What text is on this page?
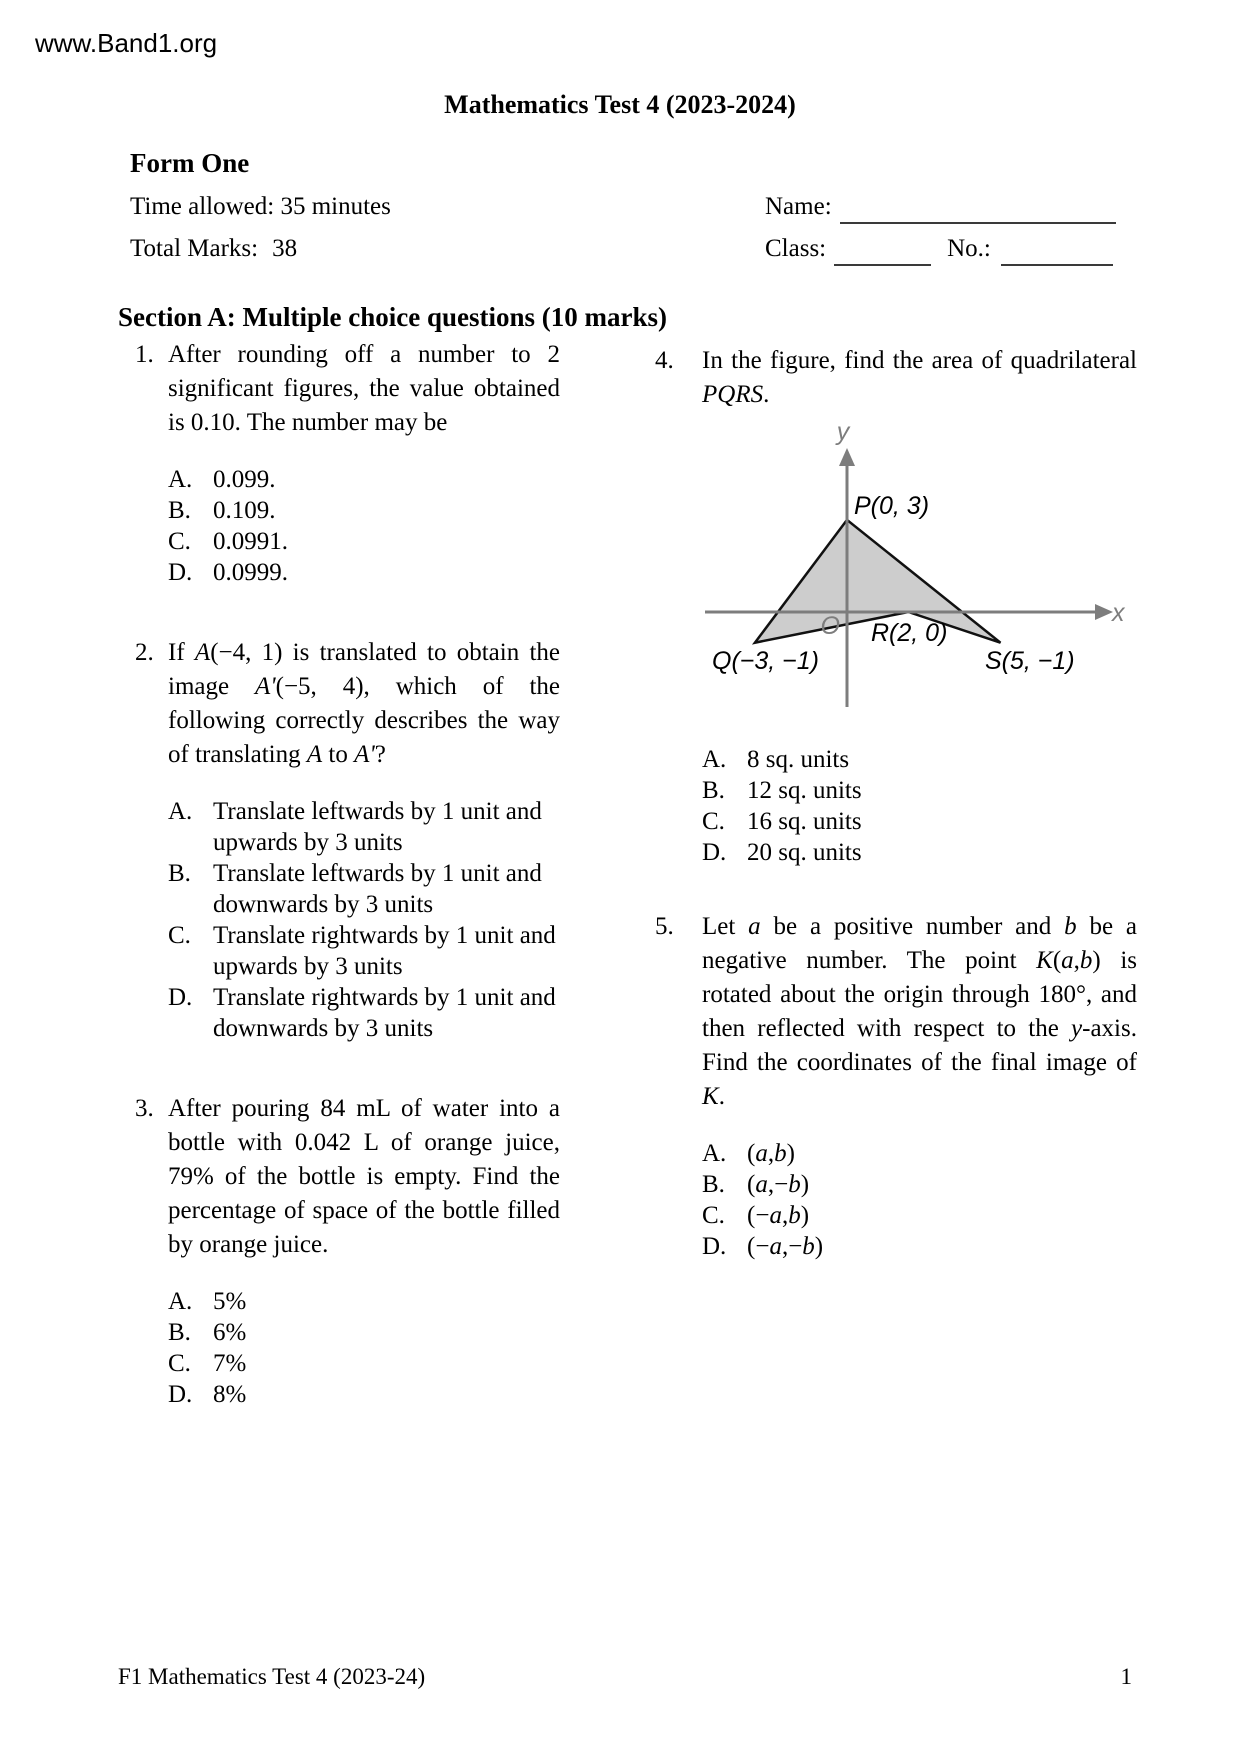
www.Band1.org
Mathematics Test 4 (2023-2024)
Form One
Time allowed: 35 minutes
Total Marks: 38
Name:
Class:	No.:
Section A: Multiple choice questions (10 marks)
1. After rounding off a number to 2 significant figures, the value obtained is 0.10. The number may be
A. 0.099.
B. 0.109.
C. 0.0991.
D. 0.0999.
2. If A(−4, 1) is translated to obtain the image A'(−5, 4), which of the following correctly describes the way of translating A to A'?
A. Translate leftwards by 1 unit and upwards by 3 units
B. Translate leftwards by 1 unit and downwards by 3 units
C. Translate rightwards by 1 unit and upwards by 3 units
D. Translate rightwards by 1 unit and downwards by 3 units
3. After pouring 84 mL of water into a bottle with 0.042 L of orange juice, 79% of the bottle is empty. Find the percentage of space of the bottle filled by orange juice.
A. 5%
B. 6%
C. 7%
D. 8%
4.	In the figure, find the area of quadrilateral PQRS.
y
x
O
P(0, 3)
Q(−3, −1)
R(2, 0)
S(5, −1)
A. 8 sq. units
B. 12 sq. units
C. 16 sq. units
D. 20 sq. units
5.	Let a be a positive number and b be a negative number. The point K(a,b) is rotated about the origin through 180°, and then reflected with respect to the y-axis. Find the coordinates of the final image of K.
A. (a,b)
B. (a,−b)
C. (−a,b)
D. (−a,−b)
F1 Mathematics Test 4 (2023-24)	1
